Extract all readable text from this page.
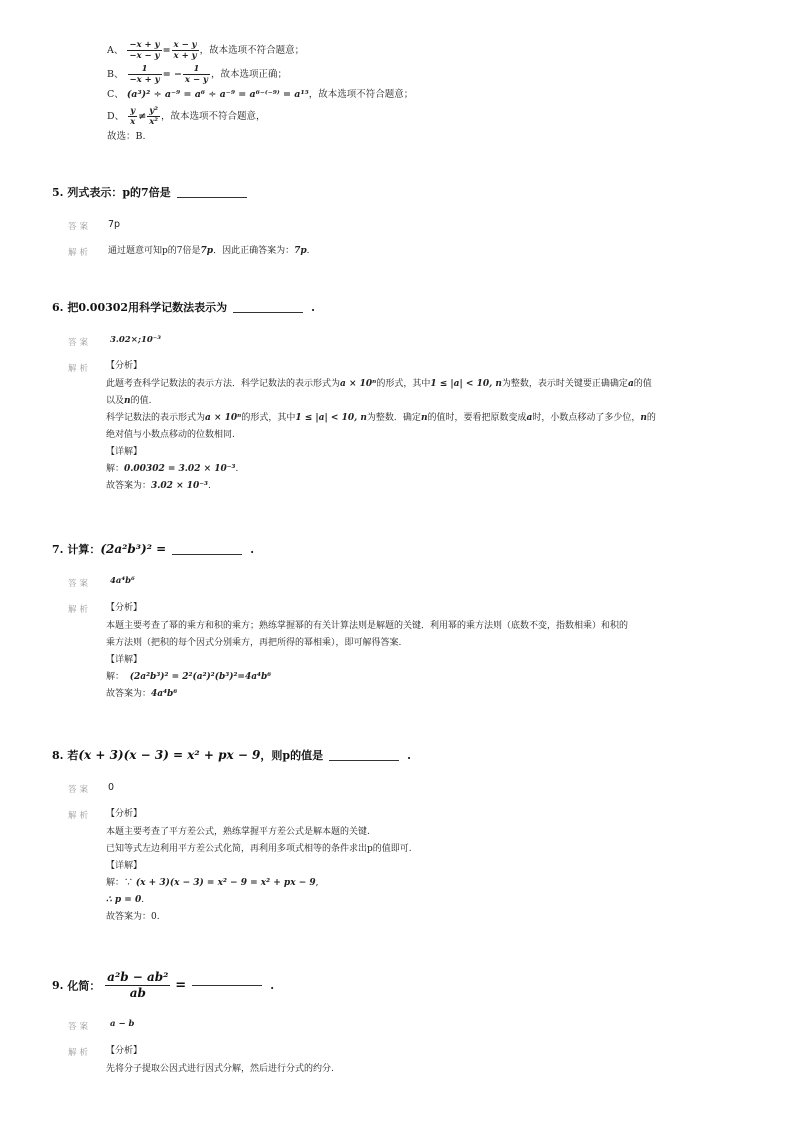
A、 $\frac{-x + y}{-x - y} = \frac{x - y}{x + y}$ ，故本选项不符合题意；
B、 $\frac{1}{-x + y}$ = − $\frac{1}{x - y}$ ，故本选项正确；
C、 (a³)² ÷ a⁻⁹ = a⁶ ÷ a⁻⁹ = a⁶⁻⁽⁻⁹⁾ = a¹⁵，故本选项不符合题意；
D、 $\frac{y}{x} \ne \frac{\text{y²}}{\text{x²}}$ ，故本选项不符合题意，
故选：B.
5. 列式表示：p的7倍是
答案 7p
解析 通过题意可知p的7倍是7p．因此正确答案为：7p.
6. 把0.00302用科学记数法表示为	.
答案 3.02×;10⁻³
解析 【分析】
此题考查科学记数法的表示方法．科学记数法的表示形式为a × 10ⁿ的形式，其中1 ≤ |a| < 10, n为整数，表示时关键要正确确定a的值
以及n的值.
科学记数法的表示形式为a × 10ⁿ的形式，其中1 ≤ |a| < 10, n为整数．确定n的值时，要看把原数变成a时，小数点移动了多少位，n的
绝对值与小数点移动的位数相同.
【详解】
解：0.00302 = 3.02 × 10⁻³.
故答案为：3.02 × 10⁻³.
7. 计算：(2a²b³)² =	.
答案 4a⁴b⁶
解析 【分析】
本题主要考查了幂的乘方和积的乘方；熟练掌握幂的有关计算法则是解题的关键．利用幂的乘方法则（底数不变，指数相乘）和积的
乘方法则（把积的每个因式分别乘方，再把所得的幂相乘），即可解得答案.
【详解】
解： (2a²b³)² = 2²(a²)²(b³)²=4a⁴b⁶
故答案为：4a⁴b⁶
8. 若(x + 3)(x − 3) = x² + px − 9，则p的值是	.
答案 0
解析 【分析】
本题主要考查了平方差公式，熟练掌握平方差公式是解本题的关键.
已知等式左边利用平方差公式化简，再利用多项式相等的条件求出p的值即可.
【详解】
解：∵ (x + 3)(x − 3) = x² − 9 = x² + px − 9,
∴ p = 0.
故答案为：0.
9. 化简： $\frac{\text{a²b − ab²}}{ab}$ =	.
答案 a − b
解析 【分析】
先将分子提取公因式进行因式分解，然后进行分式的约分.
